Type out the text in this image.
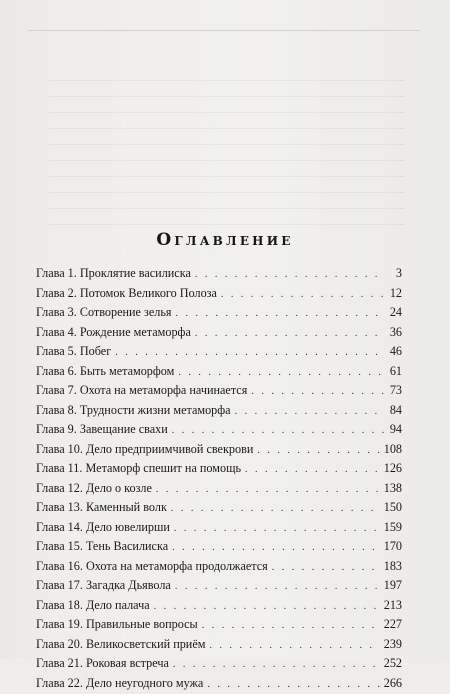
Оглавление
Глава 1. Проклятие василиска . . .	3
Глава 2. Потомок Великого Полоза . . .	12
Глава 3. Сотворение зелья . . .	24
Глава 4. Рождение метаморфа . . .	36
Глава 5. Побег . . .	46
Глава 6. Быть метаморфом . . .	61
Глава 7. Охота на метаморфа начинается . . .	73
Глава 8. Трудности жизни метаморфа . . .	84
Глава 9. Завещание свахи . . .	94
Глава 10. Дело предприимчивой свекрови . . .	108
Глава 11. Метаморф спешит на помощь . . .	126
Глава 12. Дело о козле . . .	138
Глава 13. Каменный волк . . .	150
Глава 14. Дело ювелирши . . .	159
Глава 15. Тень Василиска . . .	170
Глава 16. Охота на метаморфа продолжается . . .	183
Глава 17. Загадка Дьявола . . .	197
Глава 18. Дело палача . . .	213
Глава 19. Правильные вопросы . . .	227
Глава 20. Великосветский приём . . .	239
Глава 21. Роковая встреча . . .	252
Глава 22. Дело неугодного мужа . . .	266
